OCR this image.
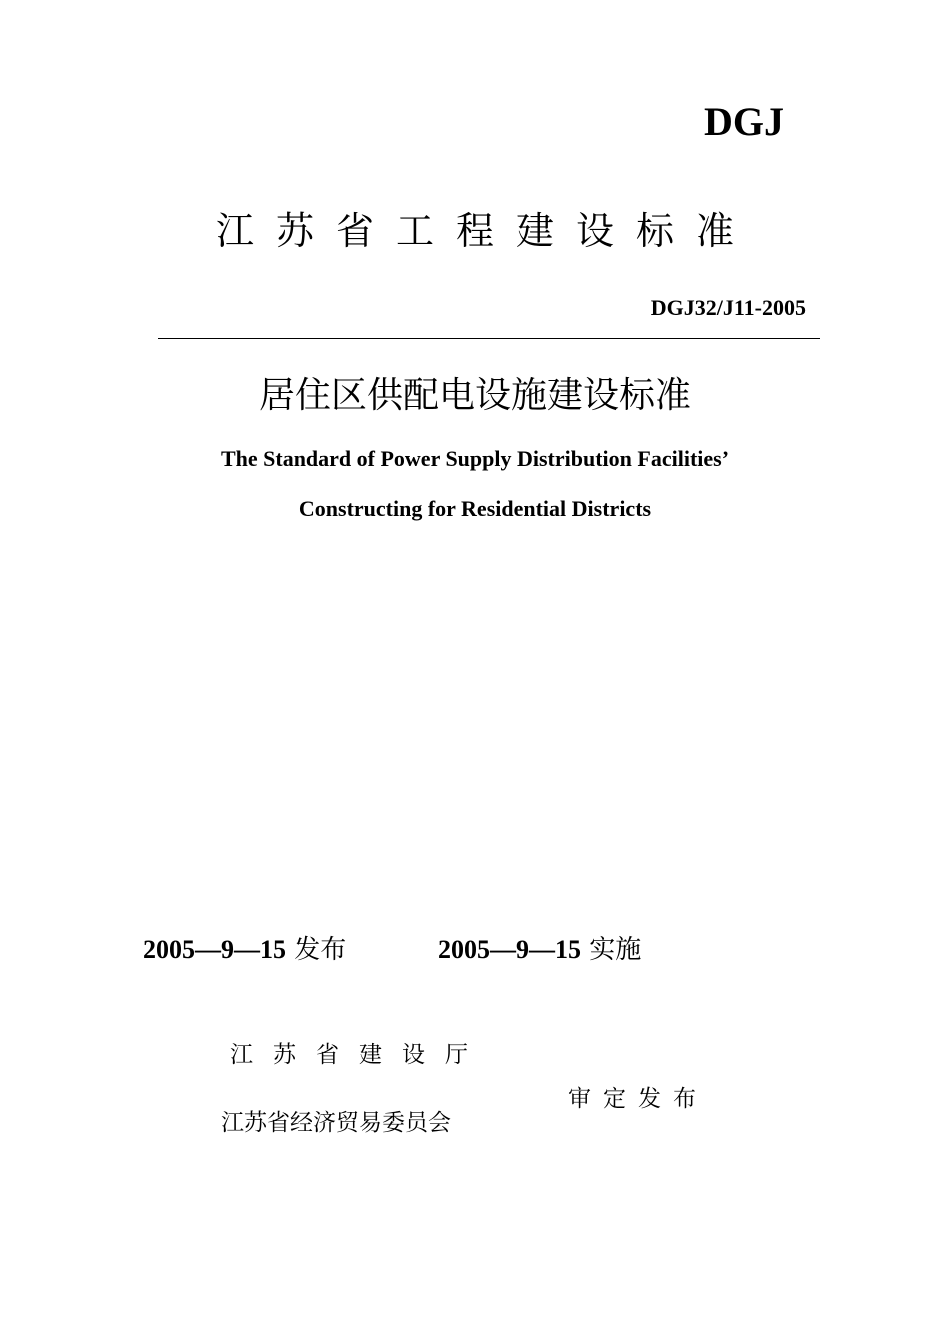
DGJ
江苏省工程建设标准
DGJ32/J11-2005
居住区供配电设施建设标准
The Standard of Power Supply Distribution Facilities’
Constructing for Residential Districts
2005—9—15 发布	2005—9—15 实施
江苏省建设厅
江苏省经济贸易委员会
审定发布
